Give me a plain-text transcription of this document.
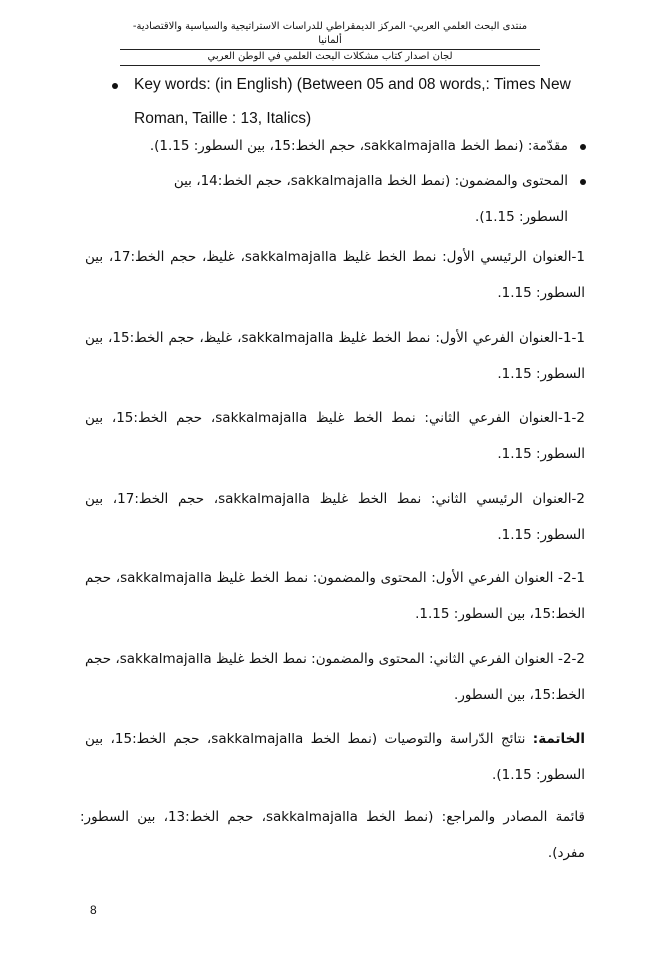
منتدى البحث العلمي العربي- المركز الديمقراطي للدراسات الاستراتيجية والسياسية والاقتصادية- ألمانيا
لجان اصدار كتاب مشكلات البحث العلمي في الوطن العربي
Key words: (in English) (Between 05 and 08 words,: Times New Roman, Taille : 13, Italics)
مقدّمة: (نمط الخط sakkalmajalla، حجم الخط:15، بين السطور: 1.15).
المحتوى والمضمون: (نمط الخط sakkalmajalla، حجم الخط:14، بين السطور: 1.15).
1-العنوان الرئيسي الأول: نمط الخط غليظ sakkalmajalla، غليظ، حجم الخط:17، بين السطور: 1.15.
1-1-العنوان الفرعي الأول: نمط الخط غليظ sakkalmajalla، غليظ، حجم الخط:15، بين السطور: 1.15.
1-2-العنوان الفرعي الثاني: نمط الخط غليظ sakkalmajalla، حجم الخط:15، بين السطور: 1.15.
2-العنوان الرئيسي الثاني: نمط الخط غليظ sakkalmajalla، حجم الخط:17، بين السطور: 1.15.
2-1- العنوان الفرعي الأول: المحتوى والمضمون: نمط الخط غليظ sakkalmajalla، حجم الخط:15، بين السطور: 1.15.
2-2- العنوان الفرعي الثاني: المحتوى والمضمون: نمط الخط غليظ sakkalmajalla، حجم الخط:15، بين السطور.
الخاتمة: نتائج الدّراسة والتوصيات (نمط الخط sakkalmajalla، حجم الخط:15، بين السطور: 1.15).
قائمة المصادر والمراجع: (نمط الخط sakkalmajalla، حجم الخط:13، بين السطور: مفرد).
8
